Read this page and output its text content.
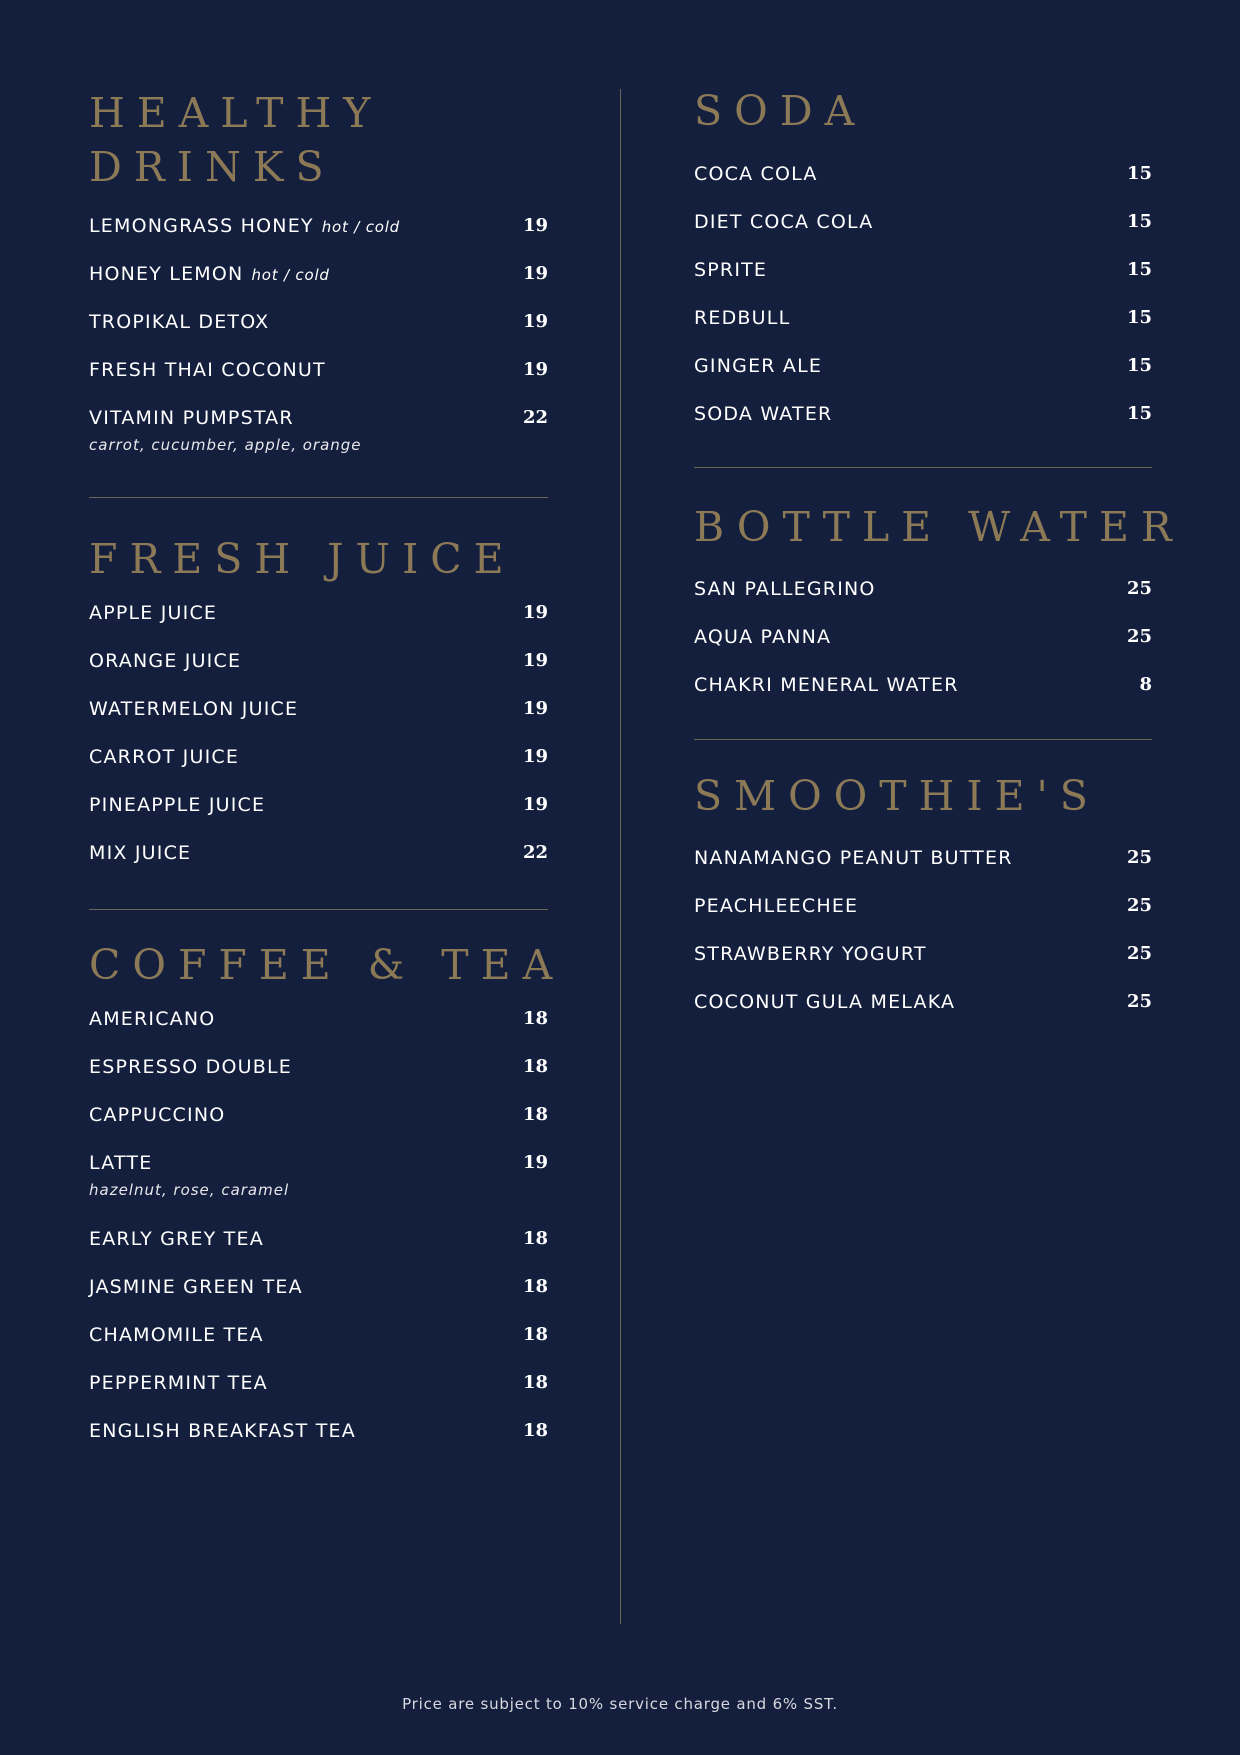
HEALTHY
DRINKS
LEMONGRASS HONEY hot / cold	19
HONEY LEMON hot / cold	19
TROPIKAL DETOX	19
FRESH THAI COCONUT	19
VITAMIN PUMPSTAR	22
carrot, cucumber, apple, orange
FRESH JUICE
APPLE JUICE	19
ORANGE JUICE	19
WATERMELON JUICE	19
CARROT JUICE	19
PINEAPPLE JUICE	19
MIX JUICE	22
COFFEE & TEA
AMERICANO	18
ESPRESSO DOUBLE	18
CAPPUCCINO	18
LATTE	19
hazelnut, rose, caramel
EARLY GREY TEA	18
JASMINE GREEN TEA	18
CHAMOMILE TEA	18
PEPPERMINT TEA	18
ENGLISH BREAKFAST TEA	18
SODA
COCA COLA	15
DIET COCA COLA	15
SPRITE	15
REDBULL	15
GINGER ALE	15
SODA WATER	15
BOTTLE WATER
SAN PALLEGRINO	25
AQUA PANNA	25
CHAKRI MENERAL WATER	8
SMOOTHIE'S
NANAMANGO PEANUT BUTTER	25
PEACHLEECHEE	25
STRAWBERRY YOGURT	25
COCONUT GULA MELAKA	25
Price are subject to 10% service charge and 6% SST.
